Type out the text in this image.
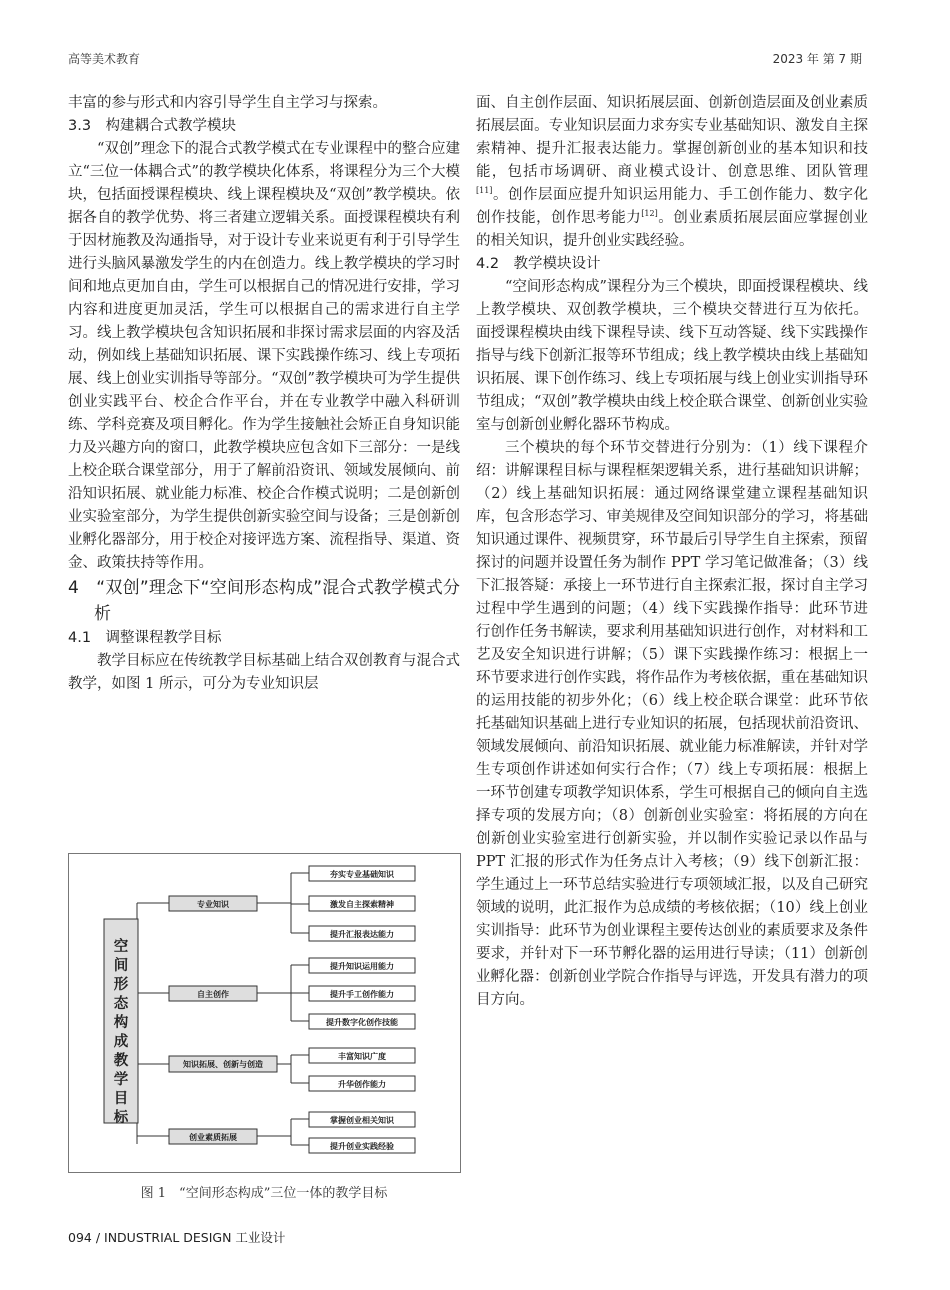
高等美术教育	2023 年 第 7 期

丰富的参与形式和内容引导学生自主学习与探索。

3.3　构建耦合式教学模块

“双创”理念下的混合式教学模式在专业课程中的整合应建立“三位一体耦合式”的教学模块化体系，将课程分为三个大模块，包括面授课程模块、线上课程模块及“双创”教学模块。依据各自的教学优势、将三者建立逻辑关系。面授课程模块有利于因材施教及沟通指导，对于设计专业来说更有利于引导学生进行头脑风暴激发学生的内在创造力。线上教学模块的学习时间和地点更加自由，学生可以根据自己的情况进行安排，学习内容和进度更加灵活，学生可以根据自己的需求进行自主学习。线上教学模块包含知识拓展和非探讨需求层面的内容及活动，例如线上基础知识拓展、课下实践操作练习、线上专项拓展、线上创业实训指导等部分。“双创”教学模块可为学生提供创业实践平台、校企合作平台，并在专业教学中融入科研训练、学科竞赛及项目孵化。作为学生接触社会矫正自身知识能力及兴趣方向的窗口，此教学模块应包含如下三部分：一是线上校企联合课堂部分，用于了解前沿资讯、领域发展倾向、前沿知识拓展、就业能力标准、校企合作模式说明；二是创新创业实验室部分，为学生提供创新实验空间与设备；三是创新创业孵化器部分，用于校企对接评选方案、流程指导、渠道、资金、政策扶持等作用。

4　“双创”理念下“空间形态构成”混合式教学模式分析

4.1　调整课程教学目标

教学目标应在传统教学目标基础上结合双创教育与混合式教学，如图 1 所示，可分为专业知识层

空
间
形
态
构
成
教
学
目
标
专业知识
自主创作
知识拓展、创新与创造
创业素质拓展
夯实专业基础知识
激发自主探索精神
提升汇报表达能力
提升知识运用能力
提升手工创作能力
提升数字化创作技能
丰富知识广度
升华创作能力
掌握创业相关知识
提升创业实践经验
图 1　“空间形态构成”三位一体的教学目标

面、自主创作层面、知识拓展层面、创新创造层面及创业素质拓展层面。专业知识层面力求夯实专业基础知识、激发自主探索精神、提升汇报表达能力。掌握创新创业的基本知识和技能，包括市场调研、商业模式设计、创意思维、团队管理[11]。创作层面应提升知识运用能力、手工创作能力、数字化创作技能，创作思考能力[12]。创业素质拓展层面应掌握创业的相关知识，提升创业实践经验。

4.2　教学模块设计

“空间形态构成”课程分为三个模块，即面授课程模块、线上教学模块、双创教学模块，三个模块交替进行互为依托。 面授课程模块由线下课程导读、线下互动答疑、线下实践操作指导与线下创新汇报等环节组成；线上教学模块由线上基础知识拓展、课下创作练习、线上专项拓展与线上创业实训指导环节组成；“双创”教学模块由线上校企联合课堂、创新创业实验室与创新创业孵化器环节构成。

三个模块的每个环节交替进行分别为：（1）线下课程介绍：讲解课程目标与课程框架逻辑关系，进行基础知识讲解；（2）线上基础知识拓展：通过网络课堂建立课程基础知识库，包含形态学习、审美规律及空间知识部分的学习，将基础知识通过课件、视频贯穿，环节最后引导学生自主探索，预留探讨的问题并设置任务为制作 PPT 学习笔记做准备；（3）线下汇报答疑：承接上一环节进行自主探索汇报，探讨自主学习过程中学生遇到的问题；（4）线下实践操作指导：此环节进行创作任务书解读，要求利用基础知识进行创作，对材料和工艺及安全知识进行讲解；（5）课下实践操作练习：根据上一环节要求进行创作实践，将作品作为考核依据，重在基础知识的运用技能的初步外化；（6）线上校企联合课堂：此环节依托基础知识基础上进行专业知识的拓展，包括现状前沿资讯、领域发展倾向、前沿知识拓展、就业能力标准解读，并针对学生专项创作讲述如何实行合作；（7）线上专项拓展：根据上一环节创建专项教学知识体系，学生可根据自己的倾向自主选择专项的发展方向；（8）创新创业实验室：将拓展的方向在创新创业实验室进行创新实验，并以制作实验记录以作品与 PPT 汇报的形式作为任务点计入考核；（9）线下创新汇报：学生通过上一环节总结实验进行专项领域汇报，以及自己研究领域的说明，此汇报作为总成绩的考核依据；（10）线上创业实训指导：此环节为创业课程主要传达创业的素质要求及条件要求，并针对下一环节孵化器的运用进行导读；（11）创新创业孵化器：创新创业学院合作指导与评选，开发具有潜力的项目方向。

094 / INDUSTRIAL DESIGN 工业设计
